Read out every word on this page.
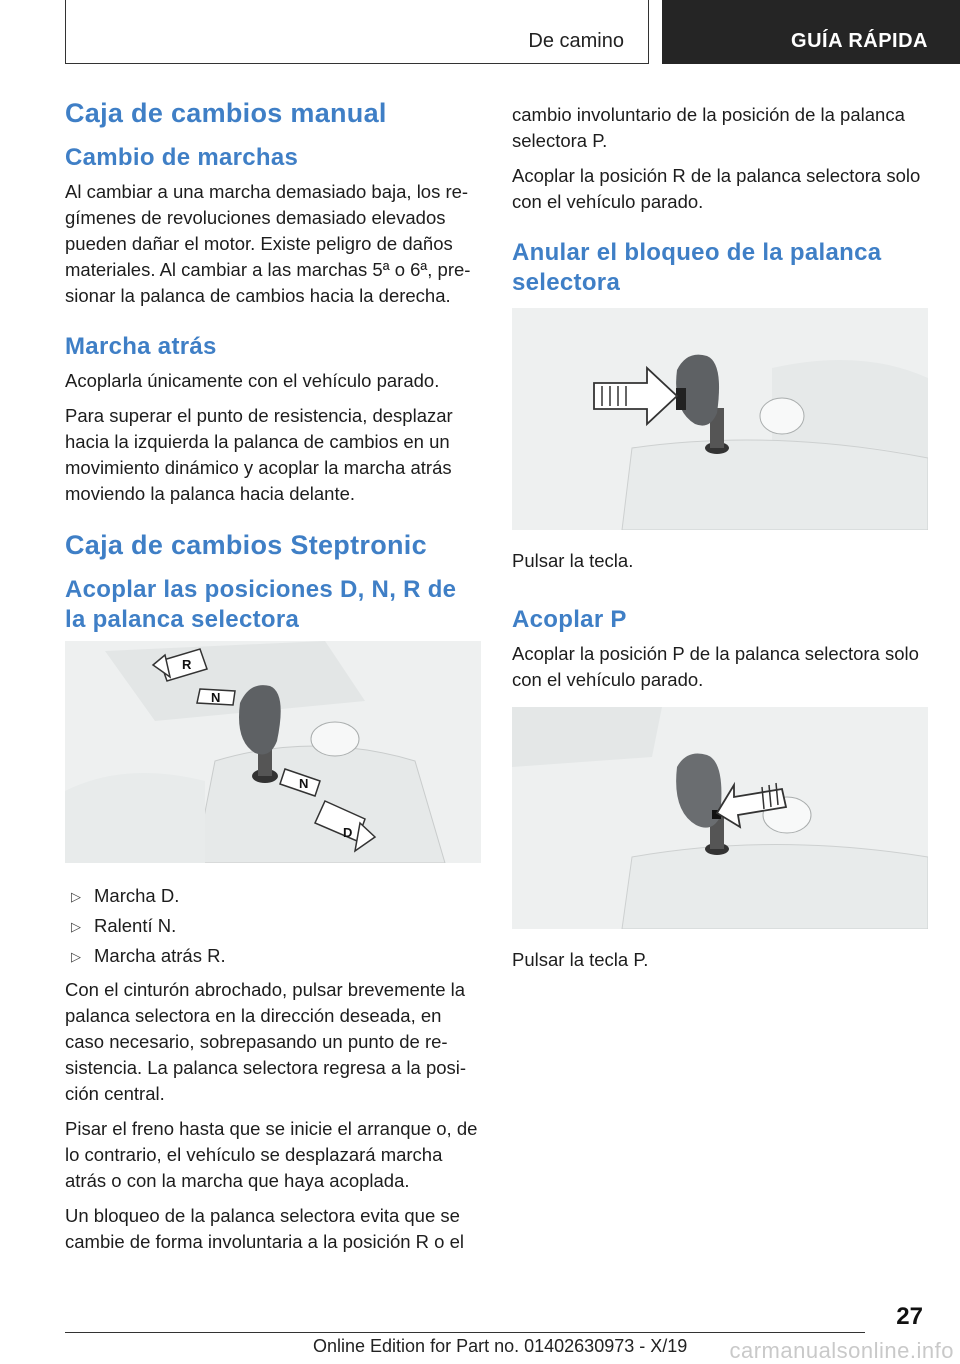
De camino	GUÍA RÁPIDA
Caja de cambios manual
Cambio de marchas

Al cambiar a una marcha demasiado baja, los re-gímenes de revoluciones demasiado elevados pueden dañar el motor. Existe peligro de daños materiales. Al cambiar a las marchas 5ª o 6ª, pre-sionar la palanca de cambios hacia la derecha.

Marcha atrás

Acoplarla únicamente con el vehículo parado.

Para superar el punto de resistencia, desplazar hacia la izquierda la palanca de cambios en un movimiento dinámico y acoplar la marcha atrás moviendo la palanca hacia delante.

Caja de cambios Steptronic
Acoplar las posiciones D, N, R de la palanca selectora
R
N
N
D
▷ Marcha D.
▷ Ralentí N.
▷ Marcha atrás R.

Con el cinturón abrochado, pulsar brevemente la palanca selectora en la dirección deseada, en caso necesario, sobrepasando un punto de re-sistencia. La palanca selectora regresa a la posi-ción central.

Pisar el freno hasta que se inicie el arranque o, de lo contrario, el vehículo se desplazará marcha atrás o con la marcha que haya acoplada.

Un bloqueo de la palanca selectora evita que se cambie de forma involuntaria a la posición R o el

cambio involuntario de la posición de la palanca selectora P.

Acoplar la posición R de la palanca selectora solo con el vehículo parado.

Anular el bloqueo de la palanca selectora

Pulsar la tecla.

Acoplar P

Acoplar la posición P de la palanca selectora solo con el vehículo parado.

Pulsar la tecla P.

27
Online Edition for Part no. 01402630973 - X/19 carmanualsonline.info
